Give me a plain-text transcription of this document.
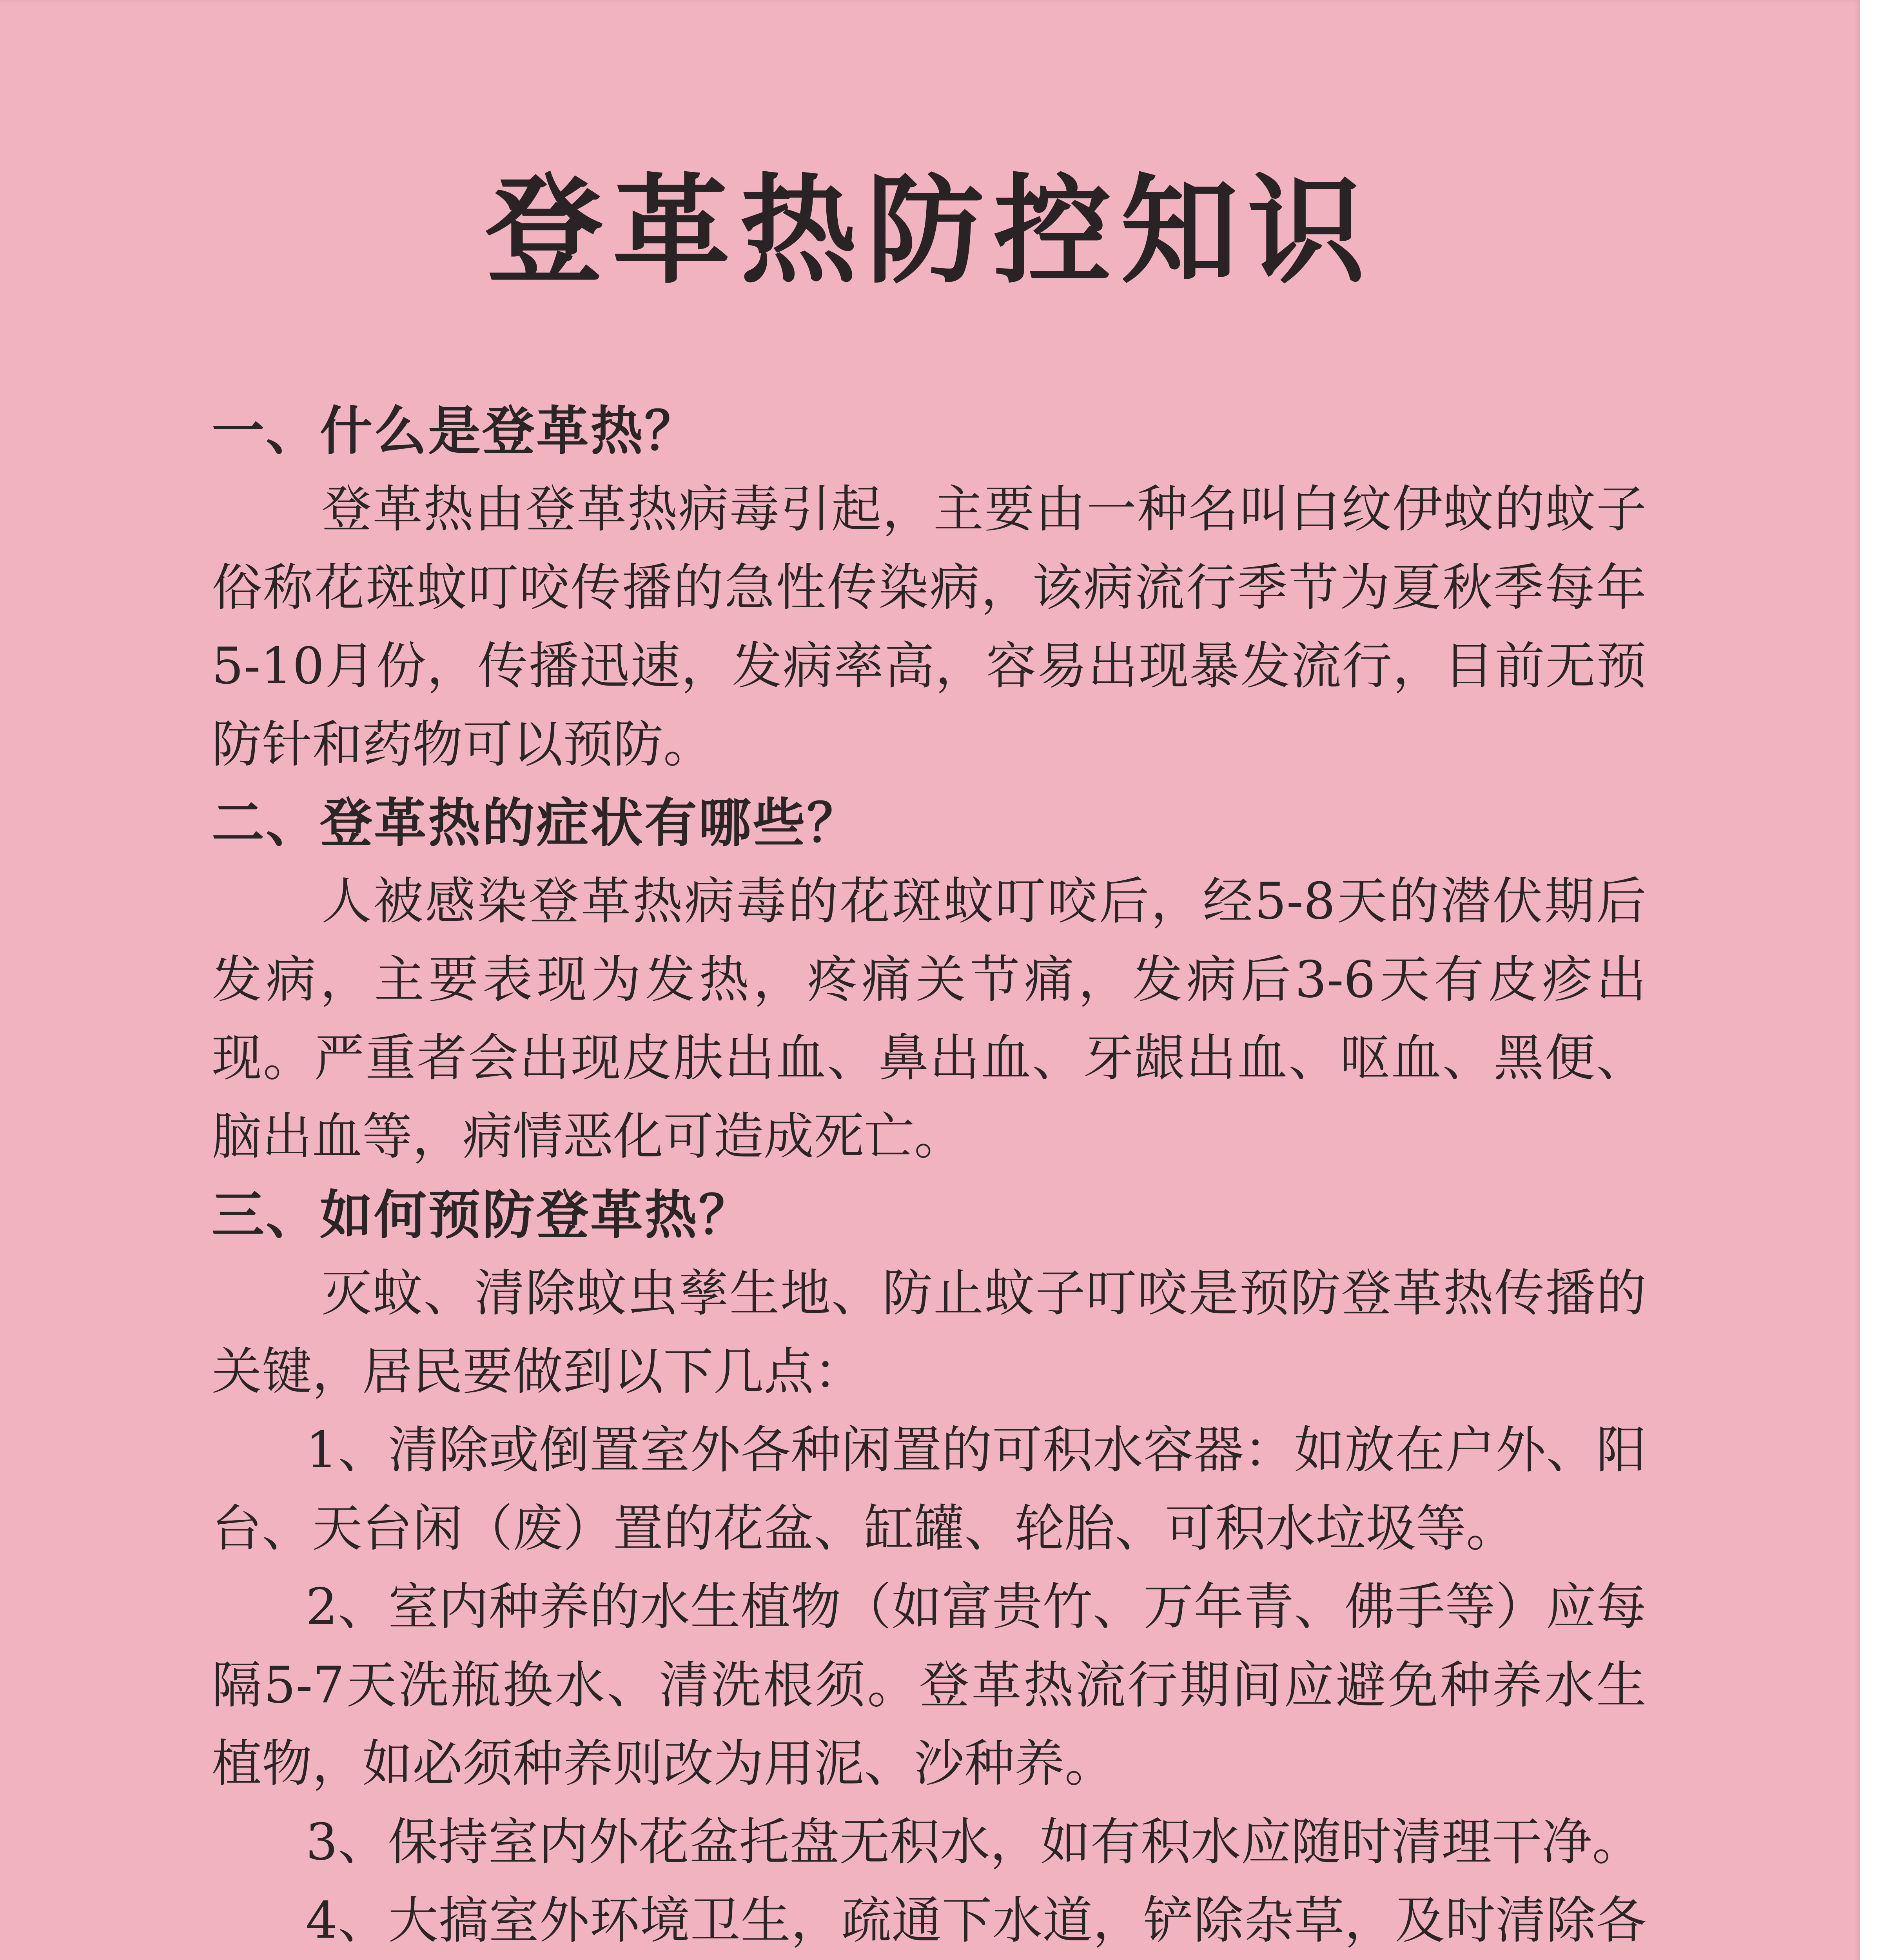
登革热防控知识
一、什么是登革热？

登革热由登革热病毒引起，主要由一种名叫白纹伊蚊的蚊子俗称花斑蚊叮咬传播的急性传染病，该病流行季节为夏秋季每年5-10月份，传播迅速，发病率高，容易出现暴发流行，目前无预防针和药物可以预防。

二、登革热的症状有哪些？

人被感染登革热病毒的花斑蚊叮咬后，经5-8天的潜伏期后发病，主要表现为发热，疼痛关节痛，发病后3-6天有皮疹出现。严重者会出现皮肤出血、鼻出血、牙龈出血、呕血、黑便、脑出血等，病情恶化可造成死亡。

三、如何预防登革热？

灭蚊、清除蚊虫孳生地、防止蚊子叮咬是预防登革热传播的关键，居民要做到以下几点：

1、清除或倒置室外各种闲置的可积水容器：如放在户外、阳台、天台闲（废）置的花盆、缸罐、轮胎、可积水垃圾等。

2、室内种养的水生植物（如富贵竹、万年青、佛手等）应每隔5-7天洗瓶换水、清洗根须。登革热流行期间应避免种养水生植物，如必须种养则改为用泥、沙种养。

3、保持室内外花盆托盘无积水，如有积水应随时清理干净。

4、大搞室外环境卫生，疏通下水道，铲除杂草，及时清除各
